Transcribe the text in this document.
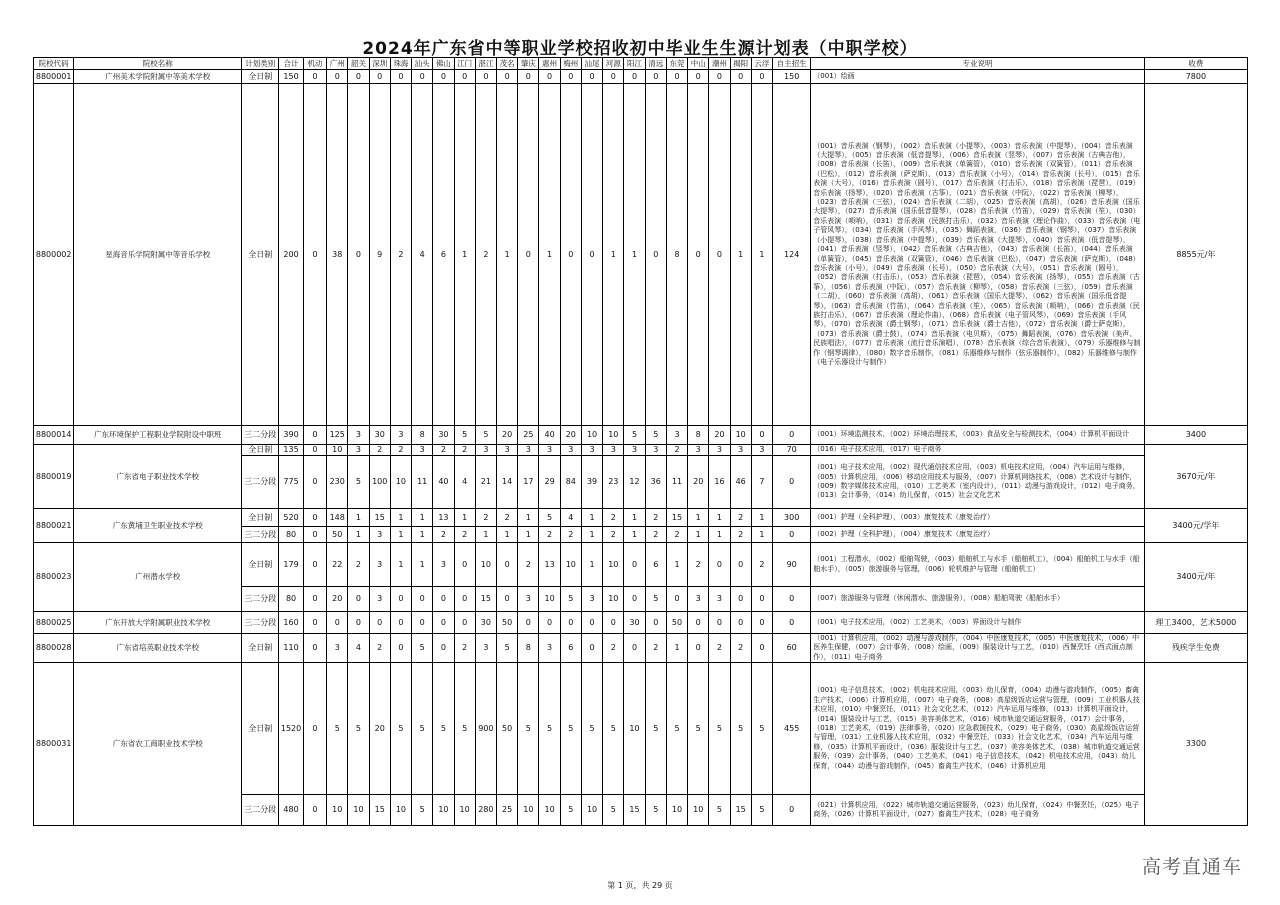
2024年广东省中等职业学校招收初中毕业生生源计划表（中职学校）
院校代码	院校名称	计划类别	合计	机动	广州	韶关	深圳	珠海	汕头	佛山	江门	湛江	茂名	肇庆	惠州	梅州	汕尾	河源	阳江	清远	东莞	中山	潮州	揭阳	云浮	自主招生	专业说明	收费
8800001	广州美术学院附属中等美术学校	全日制	150	0	0	0	0	0	0	0	0	0	0	0	0	0	0	0	0	0	0	0	0	0	0	150	（001）绘画	7800
8800002	星海音乐学院附属中等音乐学校	全日制	200	0	38	0	9	2	4	6	1	2	1	0	1	0	0	1	1	0	8	0	0	1	1	124	（001）音乐表演（钢琴），（002）音乐表演（小提琴），（003）音乐表演（中提琴），（004）音乐表演（大提琴），（005）音乐表演（低音提琴），（006）音乐表演（竖琴），（007）音乐表演（古典吉他），（008）音乐表演（长笛），（009）音乐表演（单簧管），（010）音乐表演（双簧管），（011）音乐表演（巴松），（012）音乐表演（萨克斯），（013）音乐表演（小号），（014）音乐表演（长号），（015）音乐表演（大号），（016）音乐表演（圆号），（017）音乐表演（打击乐），（018）音乐表演（琵琶），（019）音乐表演（扬琴），（020）音乐表演（古筝），（021）音乐表演（中阮），（022）音乐表演（柳琴），（023）音乐表演（三弦），（024）音乐表演（二胡），（025）音乐表演（高胡），（026）音乐表演（国乐大提琴），（027）音乐表演（国乐低音提琴），（028）音乐表演（竹笛），（029）音乐表演（笙），（030）音乐表演（唢呐），（031）音乐表演（民族打击乐），（032）音乐表演（理论作曲），（033）音乐表演（电子管风琴），（034）音乐表演（手风琴），（035）舞蹈表演，（036）音乐表演（钢琴），（037）音乐表演（小提琴），（038）音乐表演（中提琴），（039）音乐表演（大提琴），（040）音乐表演（低音提琴），（041）音乐表演（竖琴），（042）音乐表演（古典吉他），（043）音乐表演（长笛），（044）音乐表演（单簧管），（045）音乐表演（双簧管），（046）音乐表演（巴松），（047）音乐表演（萨克斯），（048）音乐表演（小号），（049）音乐表演（长号），（050）音乐表演（大号），（051）音乐表演（圆号），（052）音乐表演（打击乐），（053）音乐表演（琵琶），（054）音乐表演（扬琴），（055）音乐表演（古筝），（056）音乐表演（中阮），（057）音乐表演（柳琴），（058）音乐表演（三弦），（059）音乐表演（二胡），（060）音乐表演（高胡），（061）音乐表演（国乐大提琴），（062）音乐表演（国乐低音提琴），（063）音乐表演（竹笛），（064）音乐表演（笙），（065）音乐表演（唢呐），（066）音乐表演（民族打击乐），（067）音乐表演（理论作曲），（068）音乐表演（电子管风琴），（069）音乐表演（手风琴），（070）音乐表演（爵士钢琴），（071）音乐表演（爵士吉他），（072）音乐表演（爵士萨克斯），（073）音乐表演（爵士鼓），（074）音乐表演（电贝斯），（075）舞蹈表演，（076）音乐表演（美声、民族唱法），（077）音乐表演（流行音乐演唱），（078）音乐表演（综合音乐表演），（079）乐器维修与制作（钢琴调律），（080）数字音乐制作，（081）乐器维修与制作（弦乐器制作），（082）乐器维修与制作（电子乐器设计与制作）	8855元/年
8800014	广东环境保护工程职业学院附设中职班	三二分段	390	0	125	3	30	3	8	30	5	5	20	25	40	20	10	10	5	5	3	8	20	10	0	0	（001）环境监测技术，（002）环境治理技术，（003）食品安全与检测技术，（004）计算机平面设计	3400
8800019	广东省电子职业技术学校	全日制	135	0	10	3	2	2	3	2	2	3	3	3	3	3	3	3	3	3	2	3	3	3	3	70	（016）电子技术应用，（017）电子商务	3670元/年
		三二分段	775	0	230	5	100	10	11	40	4	21	14	17	29	84	39	23	12	36	11	20	16	46	7	0	（001）电子技术应用，（002）现代通信技术应用，（003）机电技术应用，（004）汽车运用与维修，（005）计算机应用，（006）移动应用技术与服务，（007）计算机网络技术，（008）艺术设计与制作，（009）数字媒体技术应用，（010）工艺美术（室内设计），（011）动漫与游戏设计，（012）电子商务，（013）会计事务，（014）幼儿保育，（015）社会文化艺术	
8800021	广东黄埔卫生职业技术学校	全日制	520	0	148	1	15	1	1	13	1	2	2	1	5	4	1	2	1	2	15	1	1	2	1	300	（001）护理（全科护理），（003）康复技术（康复治疗）	3400元/学年
		三二分段	80	0	50	1	3	1	1	2	2	1	1	1	2	2	1	2	1	2	2	1	1	2	1	0	（002）护理（全科护理），（004）康复技术（康复治疗）	
8800023	广州潜水学校	全日制	179	0	22	2	3	1	1	3	0	10	0	2	13	10	1	10	0	6	1	2	0	0	2	90	（001）工程潜水，（002）船舶驾驶，（003）船舶机工与水手（船舶机工），（004）船舶机工与水手（船舶水手），（005）旅游服务与管理，（006）轮机维护与管理（船舶机工）	3400元/年
		三二分段	80	0	20	0	3	0	0	0	0	15	0	3	10	5	3	10	0	5	0	3	3	0	0	0	（007）旅游服务与管理（休闲潜水、旅游服务），（008）船舶驾驶（船舶水手）	
8800025	广东开放大学附属职业技术学校	三二分段	160	0	0	0	0	0	0	0	0	30	50	0	0	0	0	0	30	0	50	0	0	0	0	0	（001）电子技术应用，（002）工艺美术，（003）界面设计与制作	理工3400、艺术5000
8800028	广东省培英职业技术学校	全日制	110	0	3	4	2	0	5	0	2	3	5	8	3	6	0	2	0	2	1	0	2	2	0	60	（001）计算机应用，（002）动漫与游戏制作，（004）中医康复技术，（005）中医康复技术，（006）中医养生保健，（007）会计事务，（008）绘画，（009）服装设计与工艺，（010）西餐烹饪（西式面点制作），（011）电子商务	残疾学生免费
8800031	广东省农工商职业技术学校	全日制	1520	0	5	5	20	5	5	5	5	900	50	5	5	5	5	5	10	5	5	5	5	5	5	455	（001）电子信息技术，（002）机电技术应用，（003）幼儿保育，（004）动漫与游戏制作，（005）畜禽生产技术，（006）计算机应用，（007）电子商务，（008）高星级饭店运营与管理，（009）工业机器人技术应用，（010）中餐烹饪，（011）社会文化艺术，（012）汽车运用与维修，（013）计算机平面设计，（014）服装设计与工艺，（015）美容美体艺术，（016）城市轨道交通运营服务，（017）会计事务，（018）工艺美术，（019）法律事务，（020）应急救援技术，（029）电子商务，（030）高星级饭店运营与管理，（031）工业机器人技术应用，（032）中餐烹饪，（033）社会文化艺术，（034）汽车运用与维修，（035）计算机平面设计，（036）服装设计与工艺，（037）美容美体艺术，（038）城市轨道交通运营服务，（039）会计事务，（040）工艺美术，（041）电子信息技术，（042）机电技术应用，（043）幼儿保育，（044）动漫与游戏制作，（045）畜禽生产技术，（046）计算机应用	3300
		三二分段	480	0	10	10	15	10	5	10	10	280	25	10	10	5	10	5	15	5	10	10	5	15	5	0	（021）计算机应用，（022）城市轨道交通运营服务，（023）幼儿保育，（024）中餐烹饪，（025）电子商务，（026）计算机平面设计，（027）畜禽生产技术，（028）电子商务	
第 1 页，共 29 页
高考直通车
